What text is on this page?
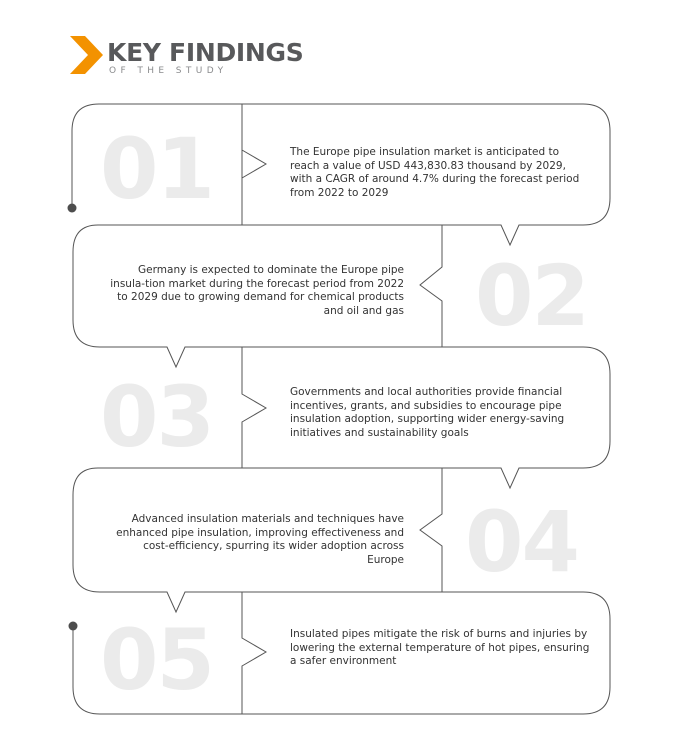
KEY FINDINGS
OF THE STUDY
01	The Europe pipe insulation market is anticipated to reach a value of USD 443,830.83 thousand by 2029, with a CAGR of around 4.7% during the forecast period from 2022 to 2029
02
Germany is expected to dominate the Europe pipe insula-tion market during the forecast period from 2022 to 2029 due to growing demand for chemical products and oil and gas
03	Governments and local authorities provide financial incentives, grants, and subsidies to encourage pipe insulation adoption, supporting wider energy-saving initiatives and sustainability goals
04
Advanced insulation materials and techniques have enhanced pipe insulation, improving effectiveness and cost-efficiency, spurring its wider adoption across Europe
05	Insulated pipes mitigate the risk of burns and injuries by lowering the external temperature of hot pipes, ensuring a safer environment
